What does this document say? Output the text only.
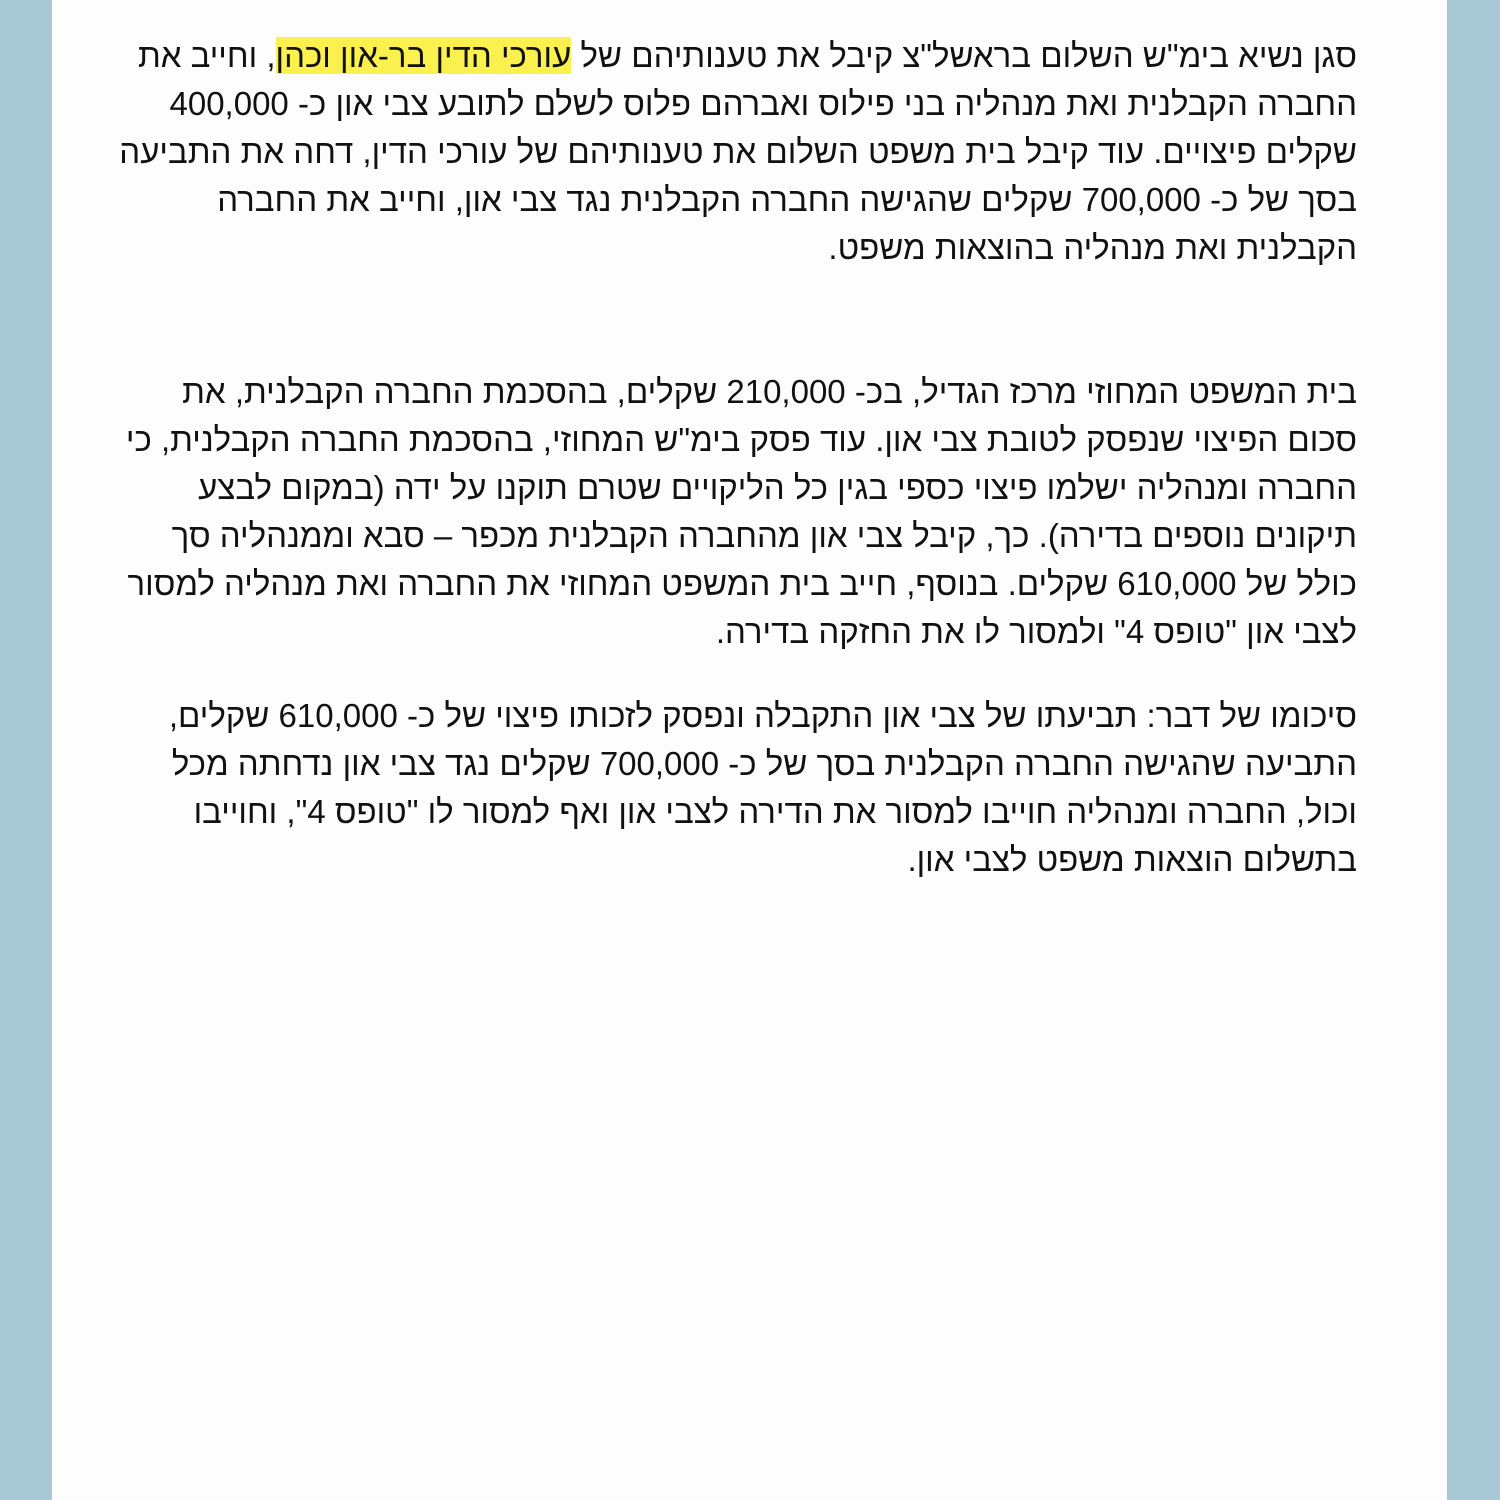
סגן נשיא בימ"ש השלום בראשל"צ קיבל את טענותיהם של עורכי הדין בר-און וכהן, וחייב את החברה הקבלנית ואת מנהליה בני פילוס ואברהם פלוס לשלם לתובע צבי און כ- 400,000 שקלים פיצויים. עוד קיבל בית משפט השלום את טענותיהם של עורכי הדין, דחה את התביעה בסך של כ- 700,000 שקלים שהגישה החברה הקבלנית נגד צבי און, וחייב את החברה הקבלנית ואת מנהליה בהוצאות משפט.

בית המשפט המחוזי מרכז הגדיל, בכ- 210,000 שקלים, בהסכמת החברה הקבלנית, את סכום הפיצוי שנפסק לטובת צבי און. עוד פסק בימ"ש המחוזי, בהסכמת החברה הקבלנית, כי החברה ומנהליה ישלמו פיצוי כספי בגין כל הליקויים שטרם תוקנו על ידה (במקום לבצע תיקונים נוספים בדירה). כך, קיבל צבי און מהחברה הקבלנית מכפר – סבא וממנהליה סך כולל של 610,000 שקלים. בנוסף, חייב בית המשפט המחוזי את החברה ואת מנהליה למסור לצבי און "טופס 4" ולמסור לו את החזקה בדירה.

סיכומו של דבר: תביעתו של צבי און התקבלה ונפסק לזכותו פיצוי של כ- 610,000 שקלים, התביעה שהגישה החברה הקבלנית בסך של כ- 700,000 שקלים נגד צבי און נדחתה מכל וכול, החברה ומנהליה חוייבו למסור את הדירה לצבי און ואף למסור לו "טופס 4", וחוייבו בתשלום הוצאות משפט לצבי און.
